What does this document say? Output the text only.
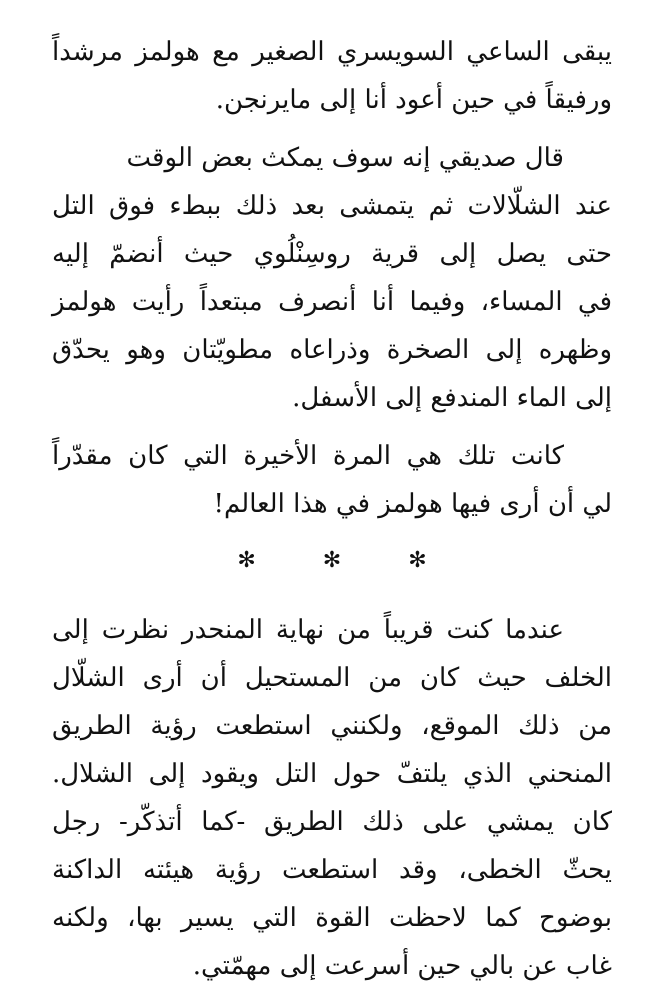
يبقى الساعي السويسري الصغير مع هولمز مرشداً
ورفيقاً في حين أعود أنا إلى مايرنجن.
قال صديقي إنه سوف يمكث بعض الوقت
عند الشلّالات ثم يتمشى بعد ذلك ببطء فوق التل
حتى يصل إلى قرية روسِنْلُوي حيث أنضمّ إليه
في المساء، وفيما أنا أنصرف مبتعداً رأيت هولمز
وظهره إلى الصخرة وذراعاه مطويّتان وهو يحدّق
إلى الماء المندفع إلى الأسفل.
كانت تلك هي المرة الأخيرة التي كان مقدّراً
لي أن أرى فيها هولمز في هذا العالم!
✻ ✻ ✻
عندما كنت قريباً من نهاية المنحدر نظرت إلى
الخلف حيث كان من المستحيل أن أرى الشلّال
من ذلك الموقع، ولكنني استطعت رؤية الطريق
المنحني الذي يلتفّ حول التل ويقود إلى الشلال.
كان يمشي على ذلك الطريق -كما أتذكّر- رجل
يحثّ الخطى، وقد استطعت رؤية هيئته الداكنة
بوضوح كما لاحظت القوة التي يسير بها، ولكنه
غاب عن بالي حين أسرعت إلى مهمّتي.
